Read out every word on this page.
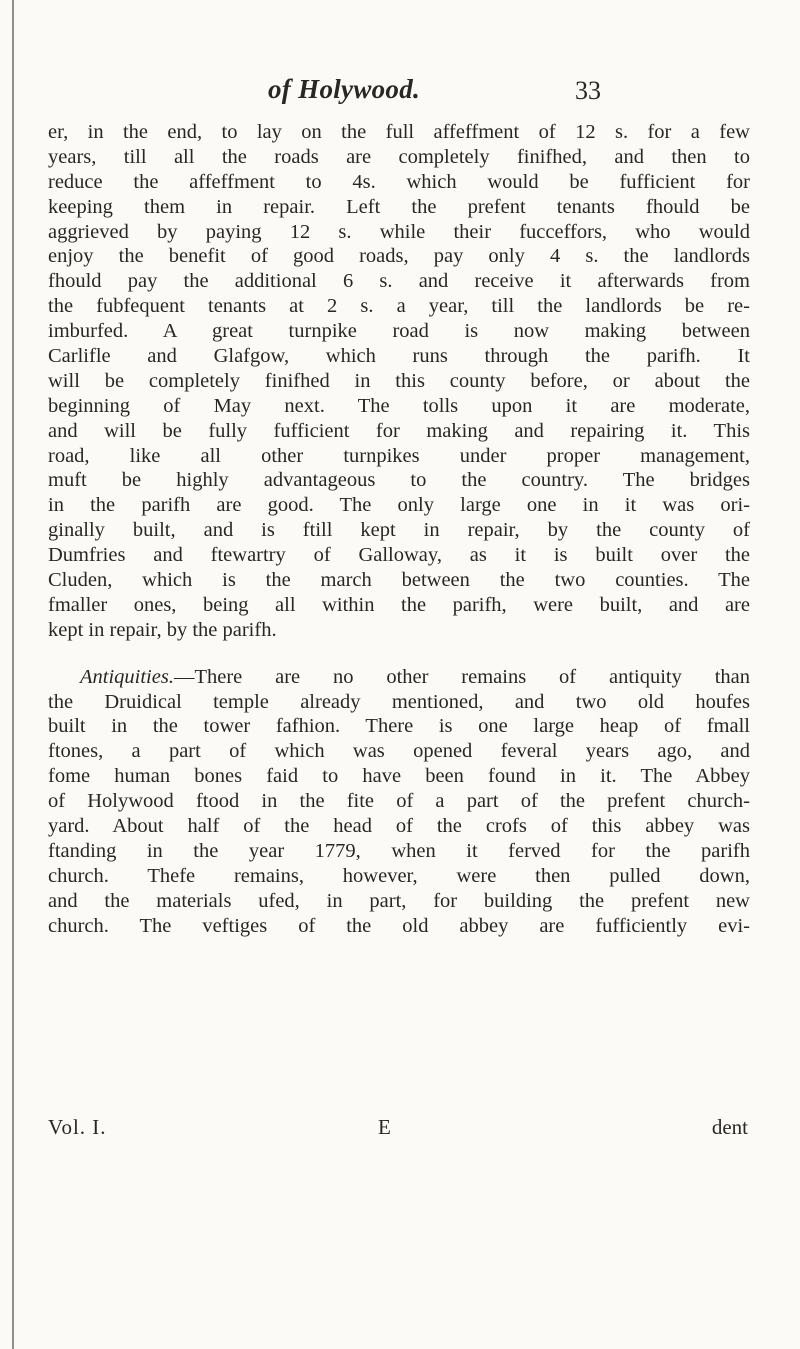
of Holywood.	33
er, in the end, to lay on the full affeffment of 12 s. for a few
years, till all the roads are completely finifhed, and then to
reduce the affeffment to 4s. which would be fufficient for
keeping them in repair. Left the prefent tenants fhould be
aggrieved by paying 12 s. while their fucceffors, who would
enjoy the benefit of good roads, pay only 4 s. the landlords
fhould pay the additional 6 s. and receive it afterwards from
the fubfequent tenants at 2 s. a year, till the landlords be re-
imburfed. A great turnpike road is now making between
Carlifle and Glafgow, which runs through the parifh. It
will be completely finifhed in this county before, or about the
beginning of May next. The tolls upon it are moderate,
and will be fully fufficient for making and repairing it. This
road, like all other turnpikes under proper management,
muft be highly advantageous to the country. The bridges
in the parifh are good. The only large one in it was ori-
ginally built, and is ftill kept in repair, by the county of
Dumfries and ftewartry of Galloway, as it is built over the
Cluden, which is the march between the two counties. The
fmaller ones, being all within the parifh, were built, and are
kept in repair, by the parifh.
Antiquities.—There are no other remains of antiquity than
the Druidical temple already mentioned, and two old houfes
built in the tower fafhion. There is one large heap of fmall
ftones, a part of which was opened feveral years ago, and
fome human bones faid to have been found in it. The Abbey
of Holywood ftood in the fite of a part of the prefent church-
yard. About half of the head of the crofs of this abbey was
ftanding in the year 1779, when it ferved for the parifh
church. Thefe remains, however, were then pulled down,
and the materials ufed, in part, for building the prefent new
church. The veftiges of the old abbey are fufficiently evi-
Vol. I.	E	dent
